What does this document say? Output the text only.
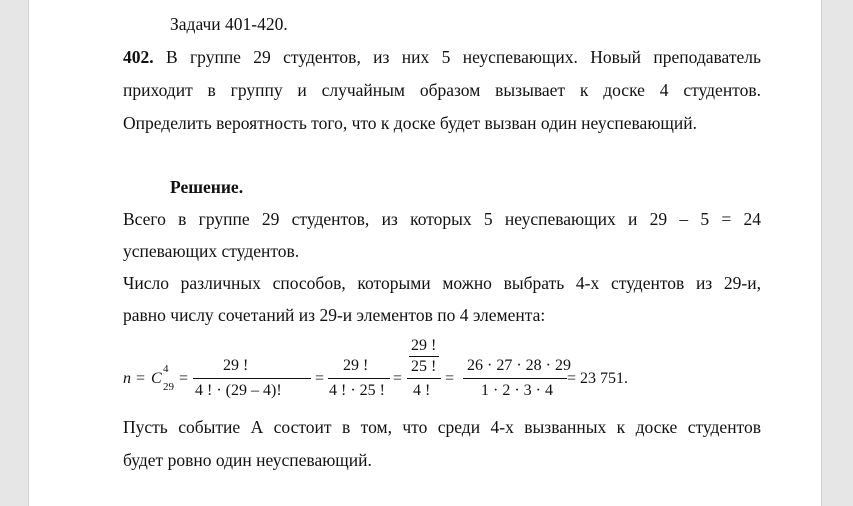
Задачи 401-420.
402. В группе 29 студентов, из них 5 неуспевающих. Новый преподаватель
приходит в группу и случайным образом вызывает к доске 4 студентов.
Определить вероятность того, что к доске будет вызван один неуспевающий.
Решение.
Всего в группе 29 студентов, из которых 5 неуспевающих и 29 – 5 = 24
успевающих студентов.
Число различных способов, которыми можно выбрать 4-х студентов из 29-и,
равно числу сочетаний из 29-и элементов по 4 элемента:
n = C
4
29 =
29 !
4 ! · (29 – 4)!
=
29 !
4 ! · 25 !
=
29 !
25 !
4 !
=
26 · 27 · 28 · 29
1 · 2 · 3 · 4
= 23 751.
Пусть событие А состоит в том, что среди 4-х вызванных к доске студентов
будет ровно один неуспевающий.
